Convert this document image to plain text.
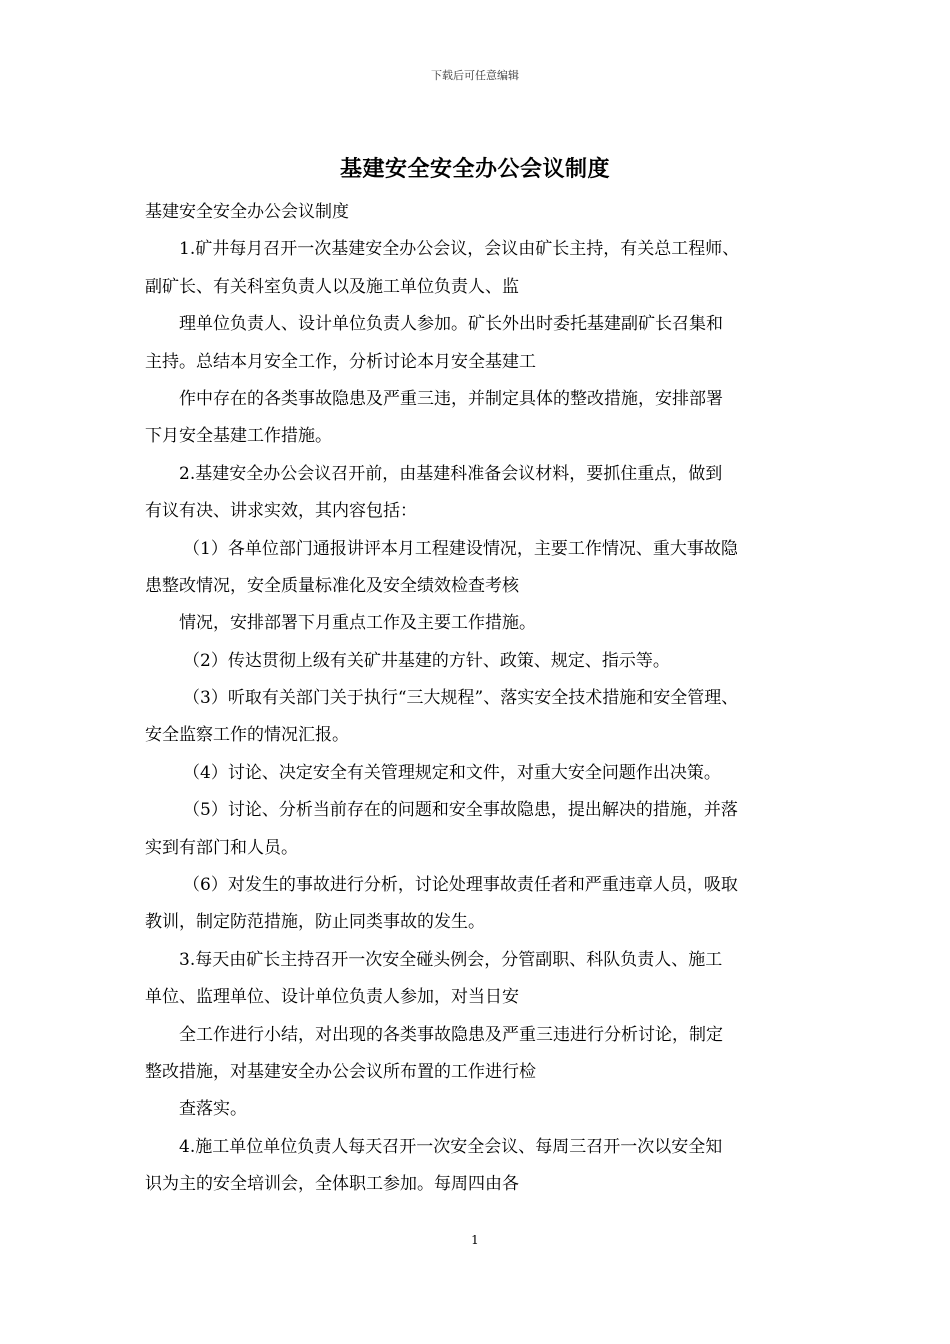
下载后可任意编辑
基建安全安全办公会议制度
基建安全安全办公会议制度
1.矿井每月召开一次基建安全办公会议，会议由矿长主持，有关总工程师、
副矿长、有关科室负责人以及施工单位负责人、监
理单位负责人、设计单位负责人参加。矿长外出时委托基建副矿长召集和
主持。总结本月安全工作，分析讨论本月安全基建工
作中存在的各类事故隐患及严重三违，并制定具体的整改措施，安排部署
下月安全基建工作措施。
2.基建安全办公会议召开前，由基建科准备会议材料，要抓住重点，做到
有议有决、讲求实效，其内容包括：
（1）各单位部门通报讲评本月工程建设情况，主要工作情况、重大事故隐
患整改情况，安全质量标准化及安全绩效检查考核
情况，安排部署下月重点工作及主要工作措施。
（2）传达贯彻上级有关矿井基建的方针、政策、规定、指示等。
（3）听取有关部门关于执行“三大规程”、落实安全技术措施和安全管理、
安全监察工作的情况汇报。
（4）讨论、决定安全有关管理规定和文件，对重大安全问题作出决策。
（5）讨论、分析当前存在的问题和安全事故隐患，提出解决的措施，并落
实到有部门和人员。
（6）对发生的事故进行分析，讨论处理事故责任者和严重违章人员，吸取
教训，制定防范措施，防止同类事故的发生。
3.每天由矿长主持召开一次安全碰头例会，分管副职、科队负责人、施工
单位、监理单位、设计单位负责人参加，对当日安
全工作进行小结，对出现的各类事故隐患及严重三违进行分析讨论，制定
整改措施，对基建安全办公会议所布置的工作进行检
查落实。
4.施工单位单位负责人每天召开一次安全会议、每周三召开一次以安全知
识为主的安全培训会，全体职工参加。每周四由各
1
